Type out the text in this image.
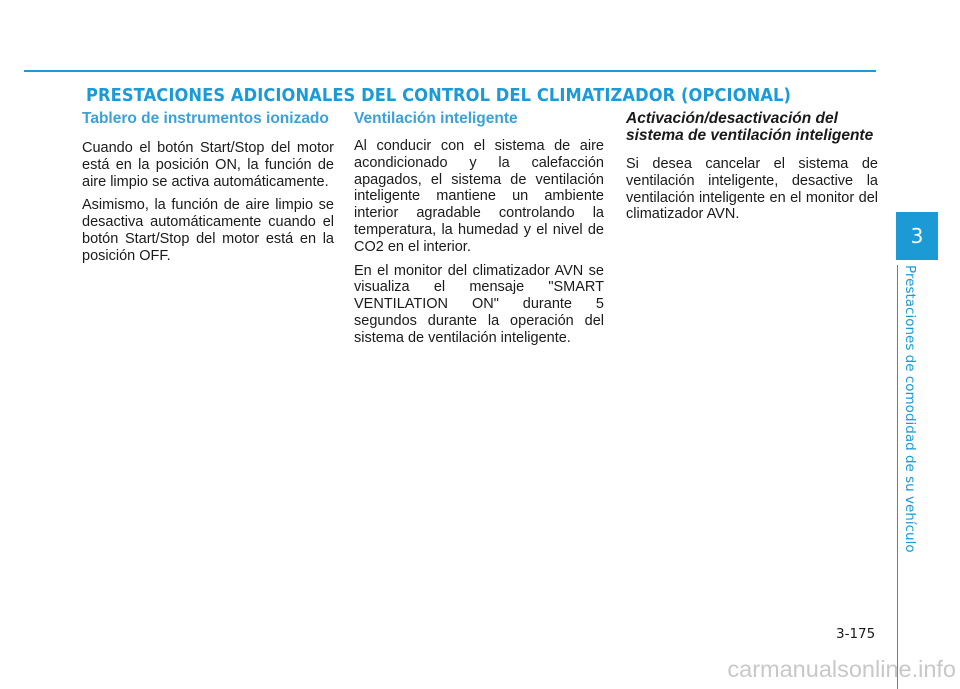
PRESTACIONES ADICIONALES DEL CONTROL DEL CLIMATIZADOR (OPCIONAL)
Tablero de instrumentos ionizado

Cuando el botón Start/Stop del motor está en la posición ON, la función de aire limpio se activa automáticamente.

Asimismo, la función de aire limpio se desactiva automáticamente cuando el botón Start/Stop del motor está en la posición OFF.

Ventilación inteligente

Al conducir con el sistema de aire acondicionado y la calefacción apagados, el sistema de ventilación inteligente mantiene un ambiente interior agradable controlando la temperatura, la humedad y el nivel de CO2 en el interior.

En el monitor del climatizador AVN se visualiza el mensaje "SMART VENTILATION ON" durante 5 segundos durante la operación del sistema de ventilación inteligente.

Activación/desactivación del sistema de ventilación inteligente

Si desea cancelar el sistema de ventilación inteligente, desactive la ventilación inteligente en el monitor del climatizador AVN.

3
Prestaciones de comodidad de su vehículo
3-175
carmanualsonline.info
